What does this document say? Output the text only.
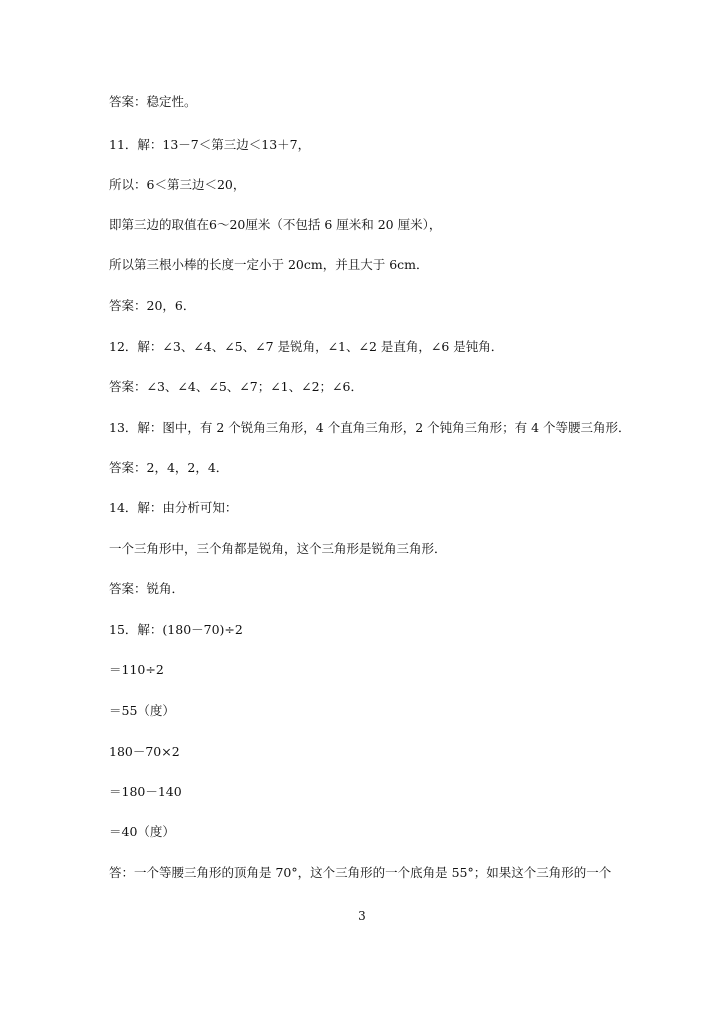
答案：稳定性。
11．解：13－7＜第三边＜13＋7，
所以：6＜第三边＜20，
即第三边的取值在6～20厘米（不包括 6 厘米和 20 厘米），
所以第三根小棒的长度一定小于 20cm，并且大于 6cm．
答案：20，6．
12．解：∠3、∠4、∠5、∠7 是锐角，∠1、∠2 是直角，∠6 是钝角．
答案：∠3、∠4、∠5、∠7；∠1、∠2；∠6．
13．解：图中，有 2 个锐角三角形，4 个直角三角形，2 个钝角三角形；有 4 个等腰三角形．
答案：2，4，2，4．
14．解：由分析可知：
一个三角形中，三个角都是锐角，这个三角形是锐角三角形．
答案：锐角．
15．解：(180－70)÷2
＝110÷2
＝55（度）
180－70×2
＝180－140
＝40（度）
答：一个等腰三角形的顶角是 70°，这个三角形的一个底角是 55°；如果这个三角形的一个
3
